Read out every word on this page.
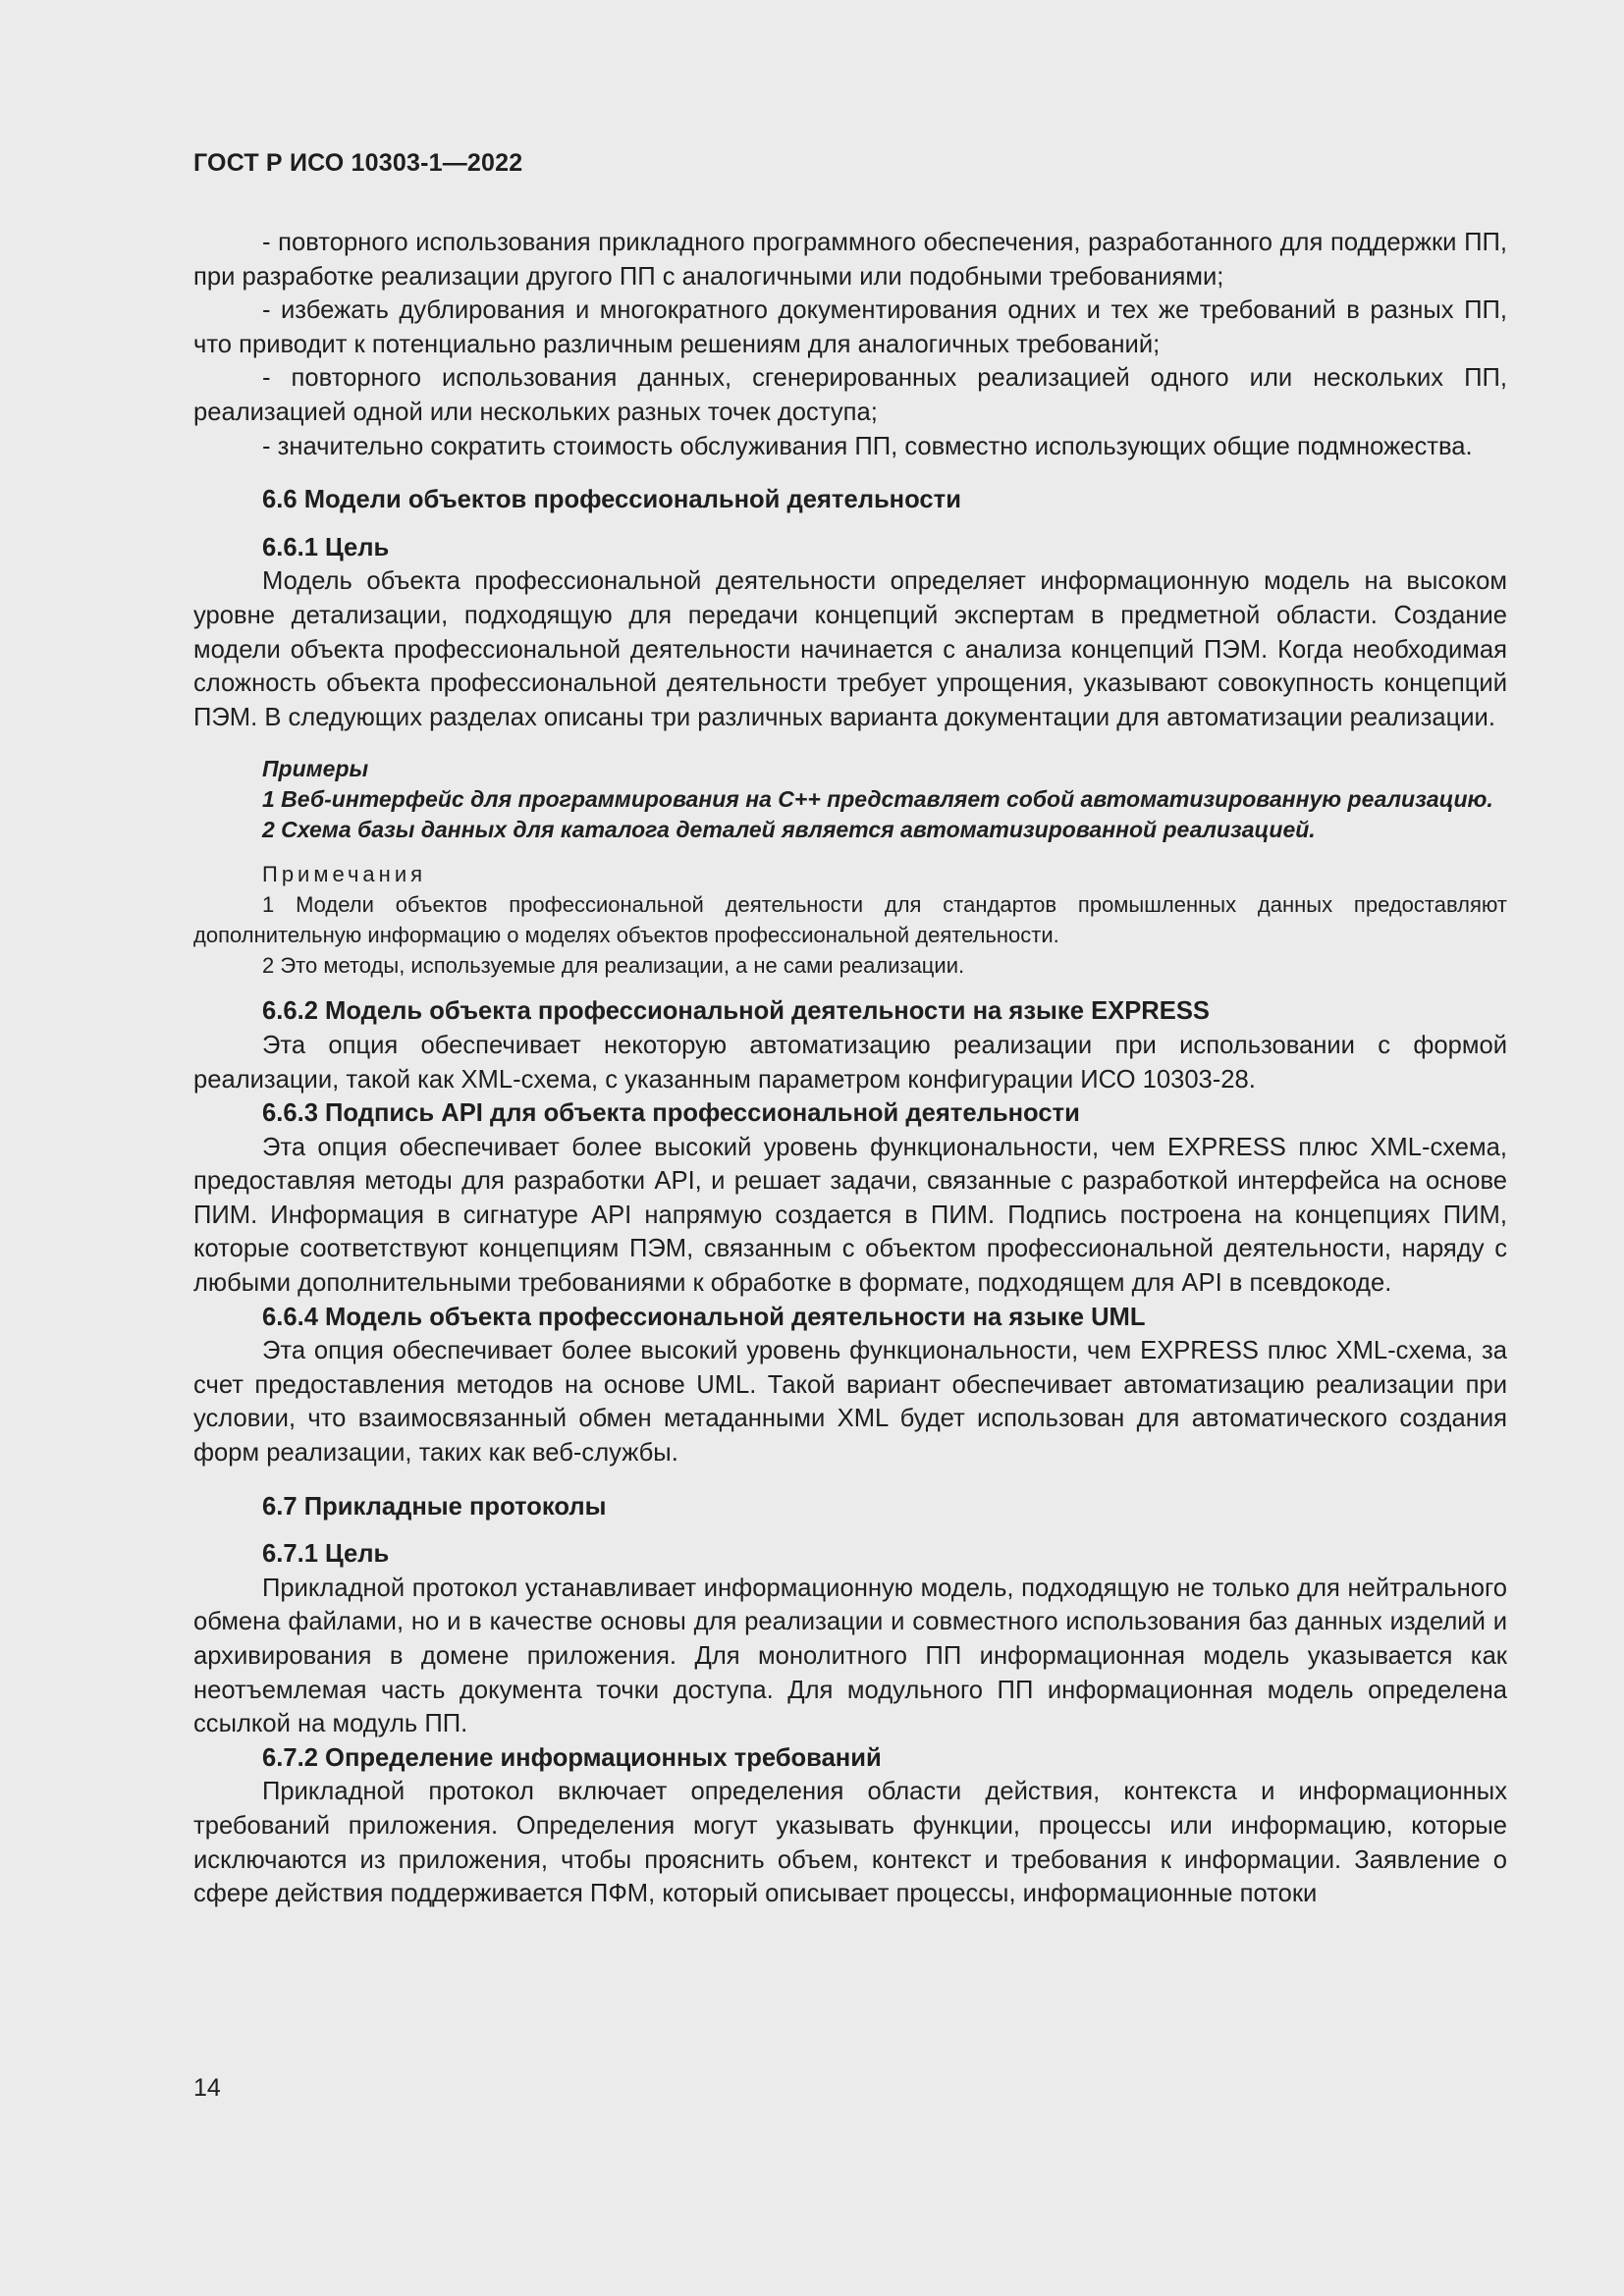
ГОСТ Р ИСО 10303-1—2022

- повторного использования прикладного программного обеспечения, разработанного для поддержки ПП, при разработке реализации другого ПП с аналогичными или подобными требованиями;

- избежать дублирования и многократного документирования одних и тех же требований в разных ПП, что приводит к потенциально различным решениям для аналогичных требований;

- повторного использования данных, сгенерированных реализацией одного или нескольких ПП, реализацией одной или нескольких разных точек доступа;

- значительно сократить стоимость обслуживания ПП, совместно использующих общие подмножества.

6.6 Модели объектов профессиональной деятельности
6.6.1 Цель

Модель объекта профессиональной деятельности определяет информационную модель на высоком уровне детализации, подходящую для передачи концепций экспертам в предметной области. Создание модели объекта профессиональной деятельности начинается с анализа концепций ПЭМ. Когда необходимая сложность объекта профессиональной деятельности требует упрощения, указывают совокупность концепций ПЭМ. В следующих разделах описаны три различных варианта документации для автоматизации реализации.

Примеры

1 Веб-интерфейс для программирования на С++ представляет собой автоматизированную реализацию.

2 Схема базы данных для каталога деталей является автоматизированной реализацией.

Примечания

1 Модели объектов профессиональной деятельности для стандартов промышленных данных предоставляют дополнительную информацию о моделях объектов профессиональной деятельности.

2 Это методы, используемые для реализации, а не сами реализации.

6.6.2 Модель объекта профессиональной деятельности на языке EXPRESS

Эта опция обеспечивает некоторую автоматизацию реализации при использовании с формой реализации, такой как XML-схема, с указанным параметром конфигурации ИСО 10303-28.

6.6.3 Подпись API для объекта профессиональной деятельности

Эта опция обеспечивает более высокий уровень функциональности, чем EXPRESS плюс XML-схема, предоставляя методы для разработки API, и решает задачи, связанные с разработкой интерфейса на основе ПИМ. Информация в сигнатуре API напрямую создается в ПИМ. Подпись построена на концепциях ПИМ, которые соответствуют концепциям ПЭМ, связанным с объектом профессиональной деятельности, наряду с любыми дополнительными требованиями к обработке в формате, подходящем для API в псевдокоде.

6.6.4 Модель объекта профессиональной деятельности на языке UML

Эта опция обеспечивает более высокий уровень функциональности, чем EXPRESS плюс XML-схема, за счет предоставления методов на основе UML. Такой вариант обеспечивает автоматизацию реализации при условии, что взаимосвязанный обмен метаданными XML будет использован для автоматического создания форм реализации, таких как веб-службы.

6.7 Прикладные протоколы
6.7.1 Цель

Прикладной протокол устанавливает информационную модель, подходящую не только для нейтрального обмена файлами, но и в качестве основы для реализации и совместного использования баз данных изделий и архивирования в домене приложения. Для монолитного ПП информационная модель указывается как неотъемлемая часть документа точки доступа. Для модульного ПП информационная модель определена ссылкой на модуль ПП.

6.7.2 Определение информационных требований

Прикладной протокол включает определения области действия, контекста и информационных требований приложения. Определения могут указывать функции, процессы или информацию, которые исключаются из приложения, чтобы прояснить объем, контекст и требования к информации. Заявление о сфере действия поддерживается ПФМ, который описывает процессы, информационные потоки

14
